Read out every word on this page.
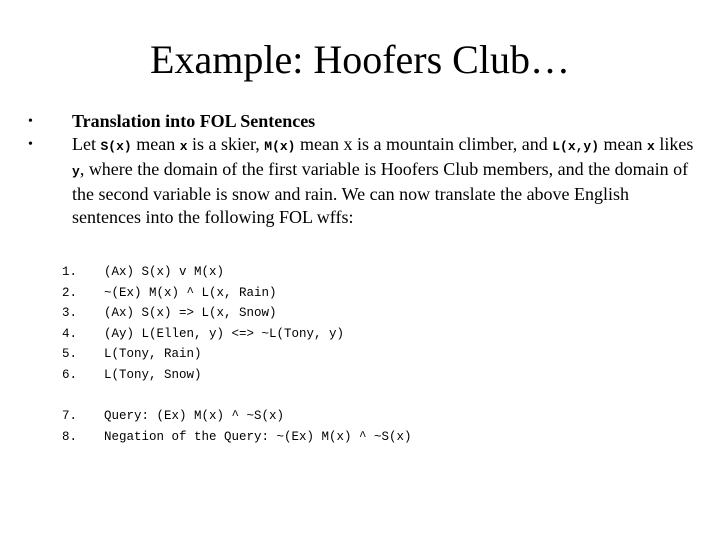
Example: Hoofers Club…
• Translation into FOL Sentences
• Let S(x) mean x is a skier, M(x) mean x is a mountain climber, and L(x,y) mean x likes y, where the domain of the first variable is Hoofers Club members, and the domain of the second variable is snow and rain. We can now translate the above English sentences into the following FOL wffs:
1.	(Ax) S(x) v M(x)
2.	~(Ex) M(x) ^ L(x, Rain)
3.	(Ax) S(x) => L(x, Snow)
4.	(Ay) L(Ellen, y) <=> ~L(Tony, y)
5.	L(Tony, Rain)
6.	L(Tony, Snow)
7.	Query: (Ex) M(x) ^ ~S(x)
8.	Negation of the Query: ~(Ex) M(x) ^ ~S(x)
